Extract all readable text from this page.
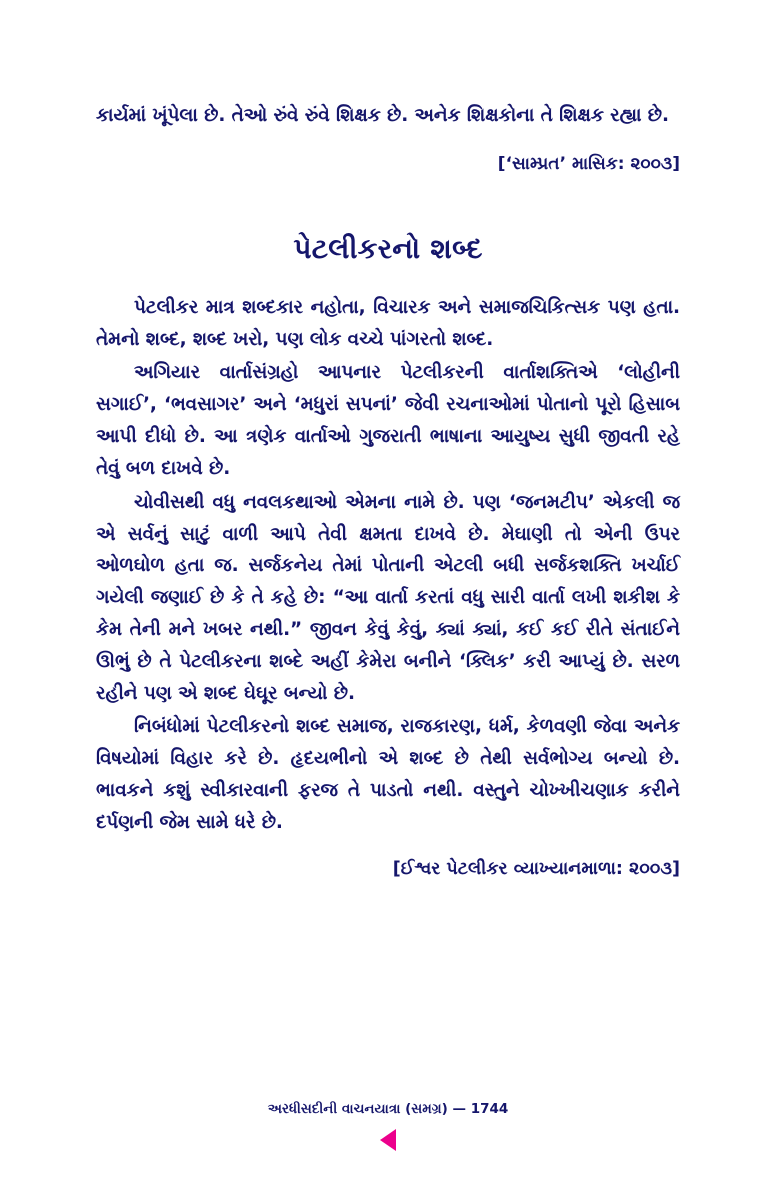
કાર્યમાં ખૂંપેલા છે. તેઓ રુંવે રુંવે શિક્ષક છે. અનેક શિક્ષકોના તે શિક્ષક રહ્યા છે.

[‘સામ્પ્રત’ માસિક: ૨૦૦૩]
પેટલીકરનો શબ્દ

પેટલીકર માત્ર શબ્દકાર નહોતા, વિચારક અને સમાજચિકિત્સક પણ હતા. તેમનો શબ્દ, શબ્દ ખરો, પણ લોક વચ્ચે પાંગરતો શબ્દ.

અગિયાર વાર્તાસંગ્રહો આપનાર પેટલીકરની વાર્તાશક્તિએ ‘લોહીની સગાઈ’, ‘ભવસાગર’ અને ‘મધુરાં સપનાં’ જેવી રચનાઓમાં પોતાનો પૂરો હિસાબ આપી દીધો છે. આ ત્રણેક વાર્તાઓ ગુજરાતી ભાષાના આયુષ્ય સુધી જીવતી રહે તેવું બળ દાખવે છે.

ચોવીસથી વધુ નવલકથાઓ એમના નામે છે. પણ ‘જનમટીપ’ એકલી જ એ સર્વનું સાટું વાળી આપે તેવી ક્ષમતા દાખવે છે. મેઘાણી તો એની ઉપર ઓળઘોળ હતા જ. સર્જકનેય તેમાં પોતાની એટલી બધી સર્જકશક્તિ ખર્ચાઈ ગયેલી જણાઈ છે કે તે કહે છે: “આ વાર્તા કરતાં વધુ સારી વાર્તા લખી શકીશ કે કેમ તેની મને ખબર નથી.” જીવન કેવું કેવું, ક્યાં ક્યાં, કઈ કઈ રીતે સંતાઈને ઊભું છે તે પેટલીકરના શબ્દે અહીં કેમેરા બનીને ‘ક્લિક’ કરી આપ્યું છે. સરળ રહીને પણ એ શબ્દ ઘેઘૂર બન્યો છે.

નિબંધોમાં પેટલીકરનો શબ્દ સમાજ, રાજકારણ, ધર્મ, કેળવણી જેવા અનેક વિષયોમાં વિહાર કરે છે. હૃદયભીનો એ શબ્દ છે તેથી સર્વભોગ્ય બન્યો છે. ભાવકને કશું સ્વીકારવાની ફરજ તે પાડતો નથી. વસ્તુને ચોખ્ખીચણાક કરીને દર્પણની જેમ સામે ધરે છે.

[ઈશ્વર પેટલીકર વ્યાખ્યાનમાળા: ૨૦૦૩]
અરધીસદીની વાચનયાત્રા (સમગ્ર) — 1744
